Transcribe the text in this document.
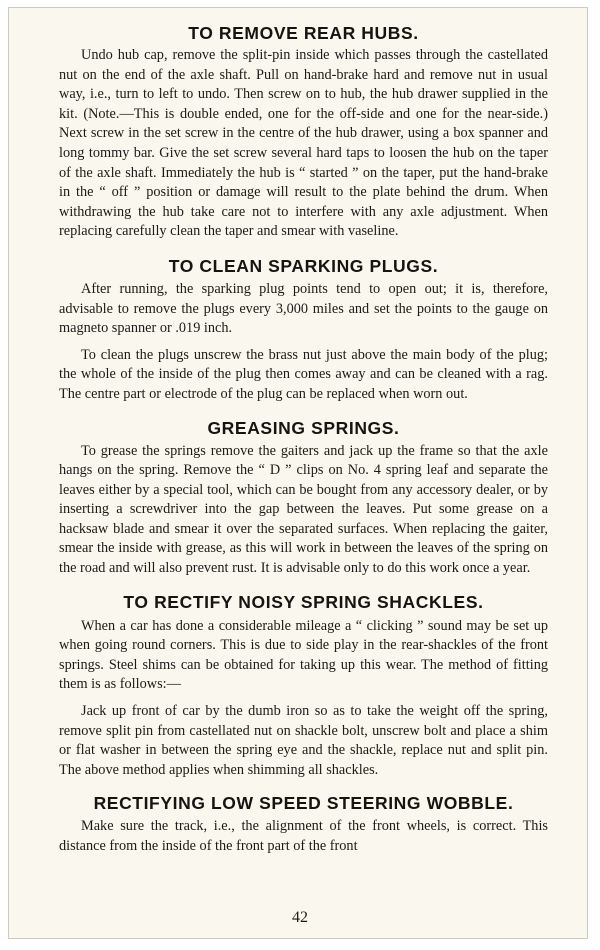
TO REMOVE REAR HUBS.

Undo hub cap, remove the split-pin inside which passes through the castellated nut on the end of the axle shaft. Pull on hand-brake hard and remove nut in usual way, i.e., turn to left to undo. Then screw on to hub, the hub drawer supplied in the kit. (Note.—This is double ended, one for the off-side and one for the near-side.) Next screw in the set screw in the centre of the hub drawer, using a box spanner and long tommy bar. Give the set screw several hard taps to loosen the hub on the taper of the axle shaft. Immediately the hub is “ started ” on the taper, put the hand-brake in the “ off ” position or damage will result to the plate behind the drum. When withdrawing the hub take care not to interfere with any axle adjustment. When replacing carefully clean the taper and smear with vaseline.

TO CLEAN SPARKING PLUGS.

After running, the sparking plug points tend to open out; it is, therefore, advisable to remove the plugs every 3,000 miles and set the points to the gauge on magneto spanner or .019 inch.

To clean the plugs unscrew the brass nut just above the main body of the plug; the whole of the inside of the plug then comes away and can be cleaned with a rag. The centre part or electrode of the plug can be replaced when worn out.

GREASING SPRINGS.

To grease the springs remove the gaiters and jack up the frame so that the axle hangs on the spring. Remove the “ D ” clips on No. 4 spring leaf and separate the leaves either by a special tool, which can be bought from any accessory dealer, or by inserting a screwdriver into the gap between the leaves. Put some grease on a hacksaw blade and smear it over the separated surfaces. When replacing the gaiter, smear the inside with grease, as this will work in between the leaves of the spring on the road and will also prevent rust. It is advisable only to do this work once a year.

TO RECTIFY NOISY SPRING SHACKLES.

When a car has done a considerable mileage a “ clicking ” sound may be set up when going round corners. This is due to side play in the rear-shackles of the front springs. Steel shims can be obtained for taking up this wear. The method of fitting them is as follows:—

Jack up front of car by the dumb iron so as to take the weight off the spring, remove split pin from castellated nut on shackle bolt, unscrew bolt and place a shim or flat washer in between the spring eye and the shackle, replace nut and split pin. The above method applies when shimming all shackles.

RECTIFYING LOW SPEED STEERING WOBBLE.

Make sure the track, i.e., the alignment of the front wheels, is correct. This distance from the inside of the front part of the front

42
